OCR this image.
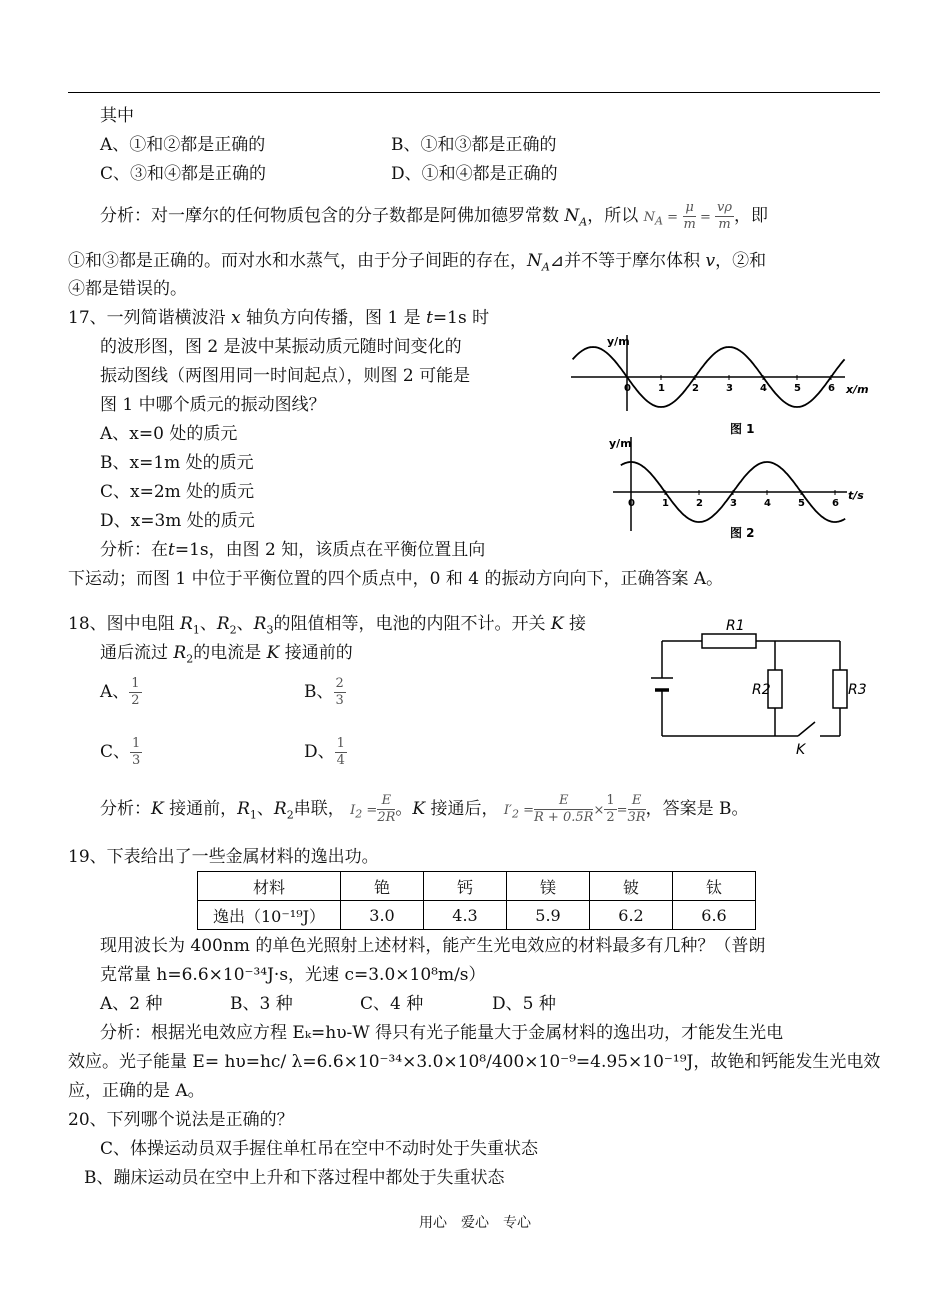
其中
A、①和②都是正确的	B、①和③都是正确的
C、③和④都是正确的	D、①和④都是正确的
分析：对一摩尔的任何物质包含的分子数都是阿佛加德罗常数 $N_A$，所以 $N_A = \frac{\mu}{m} = \frac{v\rho}{m}$ ，即
①和③都是正确的。而对水和水蒸气，由于分子间距的存在，$N_A⊿$并不等于摩尔体积 v，②和
④都是错误的。
17、一列简谐横波沿 x 轴负方向传播，图 1 是 t=1s 时
的波形图，图 2 是波中某振动质元随时间变化的
振动图线（两图用同一时间起点），则图 2 可能是
图 1 中哪个质元的振动图线？
A、x=0 处的质元
B、x=1m 处的质元
C、x=2m 处的质元
D、x=3m 处的质元
分析：在t=1s，由图 2 知，该质点在平衡位置且向
下运动；而图 1 中位于平衡位置的四个质点中，0 和 4 的振动方向向下，正确答案 A。
y/m
x/m
0	1	2	3	4	5	6
图 1
y/m
t/s
0	1	2	3	4	5	6
图 2
18、图中电阻 $R_1$、$R_2$、$R_3$的阻值相等，电池的内阻不计。开关 K 接
通后流过 $R_2$的电流是 K 接通前的
A、 $\frac{1}{2}$	B、 $\frac{2}{3}$
C、 $\frac{1}{3}$	D、 $\frac{1}{4}$
分析：K 接通前，$R_1$、$R_2$串联， $I_2 = \frac{E}{2R}$ 。K 接通后， $I'_2 = \frac{E}{R + 0.5R} \times \frac{1}{2} = \frac{E}{3R}$ ，答案是 B。
R1
R2	R3
K
19、下表给出了一些金属材料的逸出功。
材料	铯	钙	镁	铍	钛
逸出（10⁻¹⁹J）	3.0	4.3	5.9	6.2	6.6
现用波长为 400nm 的单色光照射上述材料，能产生光电效应的材料最多有几种？（普朗
克常量 h=6.6×10⁻³⁴J·s，光速 c=3.0×10⁸m/s）
A、2 种	B、3 种	C、4 种	D、5 种
分析：根据光电效应方程 Eₖ=hυ-W 得只有光子能量大于金属材料的逸出功，才能发生光电
效应。光子能量 E= hυ=hc/ λ=6.6×10⁻³⁴×3.0×10⁸/400×10⁻⁹=4.95×10⁻¹⁹J，故铯和钙能发生光电效
应，正确的是 A。
20、下列哪个说法是正确的？
C、体操运动员双手握住单杠吊在空中不动时处于失重状态
B、蹦床运动员在空中上升和下落过程中都处于失重状态
用心　爱心　专心
